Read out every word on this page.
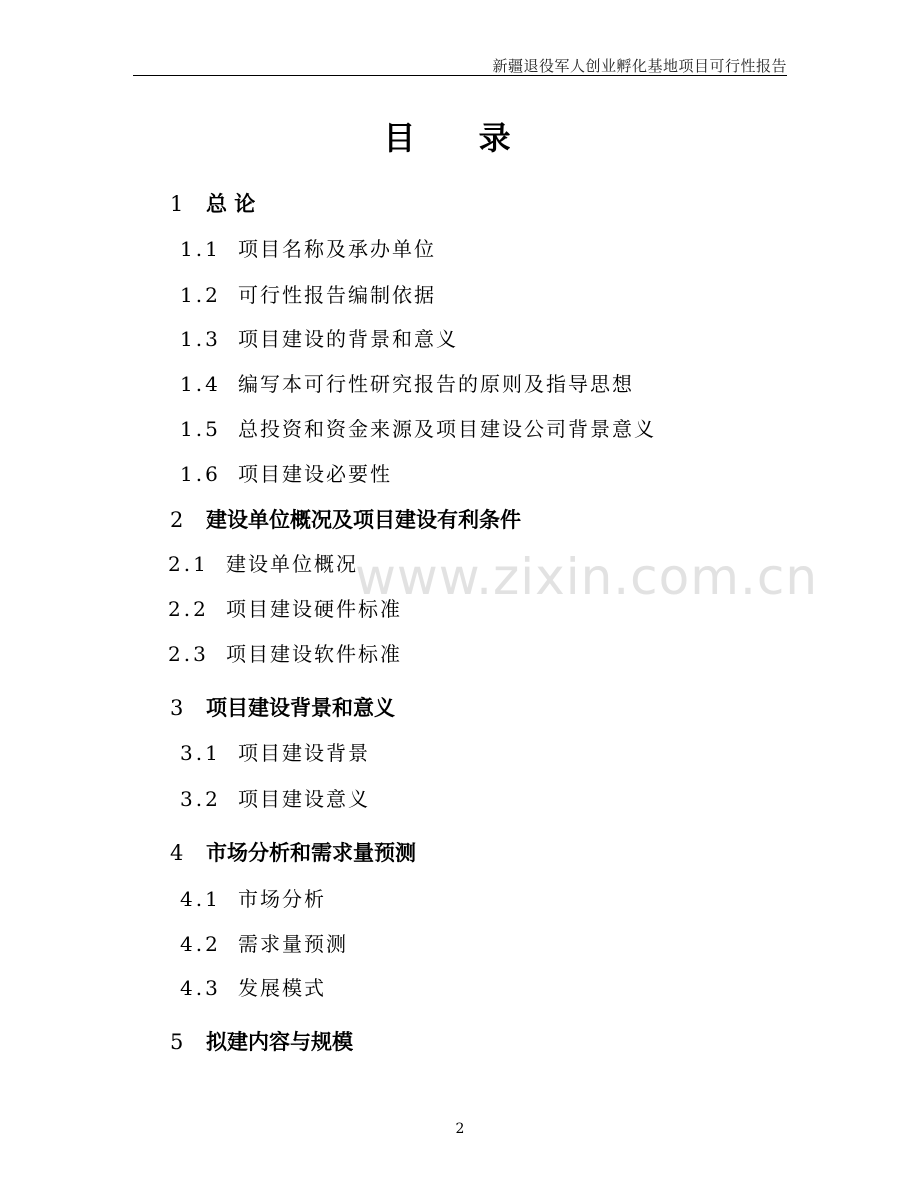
新疆退役军人创业孵化基地项目可行性报告
目 录
www.zixin.com.cn
1 总 论
1.1 项目名称及承办单位
1.2 可行性报告编制依据
1.3 项目建设的背景和意义
1.4 编写本可行性研究报告的原则及指导思想
1.5 总投资和资金来源及项目建设公司背景意义
1.6 项目建设必要性
2 建设单位概况及项目建设有利条件
2.1 建设单位概况
2.2 项目建设硬件标准
2.3 项目建设软件标准
3 项目建设背景和意义
3.1 项目建设背景
3.2 项目建设意义
4 市场分析和需求量预测
4.1 市场分析
4.2 需求量预测
4.3 发展模式
5 拟建内容与规模
2
